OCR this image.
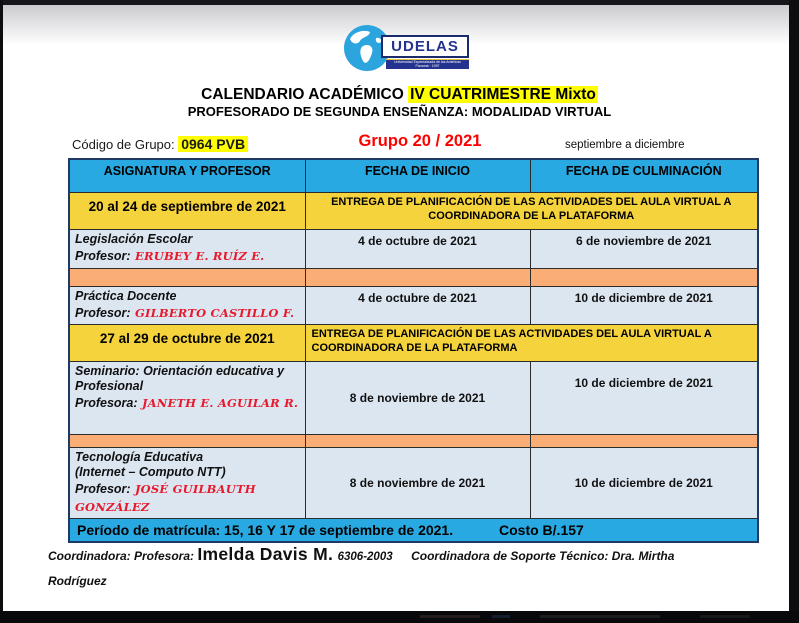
UDELAS
Universidad Especializada de las Américas
Panamá · 1997
CALENDARIO ACADÉMICO IV CUATRIMESTRE Mixto
PROFESORADO DE SEGUNDA ENSEÑANZA: MODALIDAD VIRTUAL
Código de Grupo: 0964 PVB	Grupo 20 / 2021	septiembre a diciembre
ASIGNATURA Y PROFESOR	FECHA DE INICIO	FECHA DE CULMINACIÓN
20 al 24 de septiembre de 2021	ENTREGA DE PLANIFICACIÓN DE LAS ACTIVIDADES DEL AULA VIRTUAL A COORDINADORA DE LA PLATAFORMA	

Legislación Escolar
Profesor: ERUBEY E. RUÍZ E.	4 de octubre de 2021	6 de noviembre de 2021

Práctica Docente
Profesor: GILBERTO CASTILLO F.	4 de octubre de 2021	10 de diciembre de 2021
27 al 29 de octubre de 2021	ENTREGA DE PLANIFICACIÓN DE LAS ACTIVIDADES DEL AULA VIRTUAL A COORDINADORA DE LA PLATAFORMA	

Seminario: Orientación educativa y Profesional
Profesora: JANETH E. AGUILAR R.	8 de noviembre de 2021	10 de diciembre de 2021

Tecnología Educativa
(Internet – Computo NTT)
Profesor: JOSÉ GUILBAUTH GONZÁLEZ	8 de noviembre de 2021	10 de diciembre de 2021
Período de matrícula: 15, 16 Y 17 de septiembre de 2021. Costo B/.157		
Coordinadora: Profesora: Imelda Davis M. 6306-2003 Coordinadora de Soporte Técnico: Dra. Mirtha
Rodríguez
